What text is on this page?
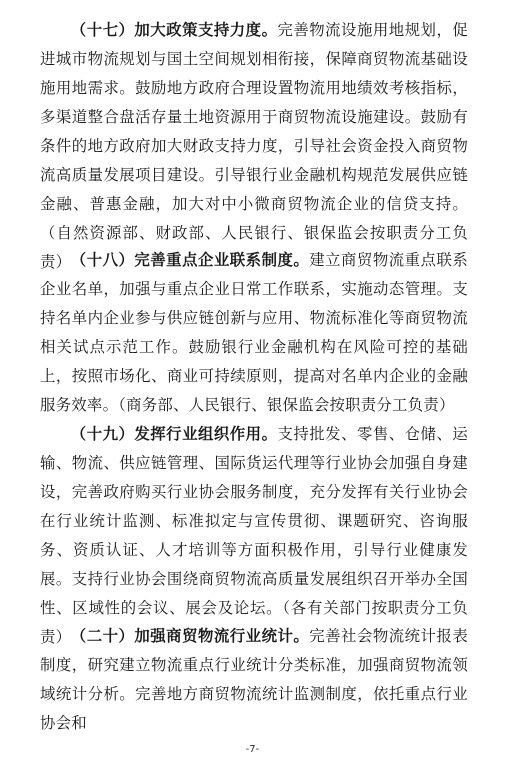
（十七）加大政策支持力度。完善物流设施用地规划，促进城市物流规划与国土空间规划相衔接，保障商贸物流基础设施用地需求。鼓励地方政府合理设置物流用地绩效考核指标，多渠道整合盘活存量土地资源用于商贸物流设施建设。鼓励有条件的地方政府加大财政支持力度，引导社会资金投入商贸物流高质量发展项目建设。引导银行业金融机构规范发展供应链金融、普惠金融，加大对中小微商贸物流企业的信贷支持。（自然资源部、财政部、人民银行、银保监会按职责分工负责） （十八）完善重点企业联系制度。建立商贸物流重点联系企业名单，加强与重点企业日常工作联系，实施动态管理。支持名单内企业参与供应链创新与应用、物流标准化等商贸物流相关试点示范工作。鼓励银行业金融机构在风险可控的基础上，按照市场化、商业可持续原则，提高对名单内企业的金融服务效率。（商务部、人民银行、银保监会按职责分工负责）

（十九）发挥行业组织作用。支持批发、零售、仓储、运输、物流、供应链管理、国际货运代理等行业协会加强自身建设，完善政府购买行业协会服务制度，充分发挥有关行业协会在行业统计监测、标准拟定与宣传贯彻、课题研究、咨询服务、资质认证、人才培训等方面积极作用，引导行业健康发展。支持行业协会围绕商贸物流高质量发展组织召开举办全国性、区域性的会议、展会及论坛。（各有关部门按职责分工负责） （二十）加强商贸物流行业统计。完善社会物流统计报表制度，研究建立物流重点行业统计分类标准，加强商贸物流领域统计分析。完善地方商贸物流统计监测制度，依托重点行业协会和

-7-
